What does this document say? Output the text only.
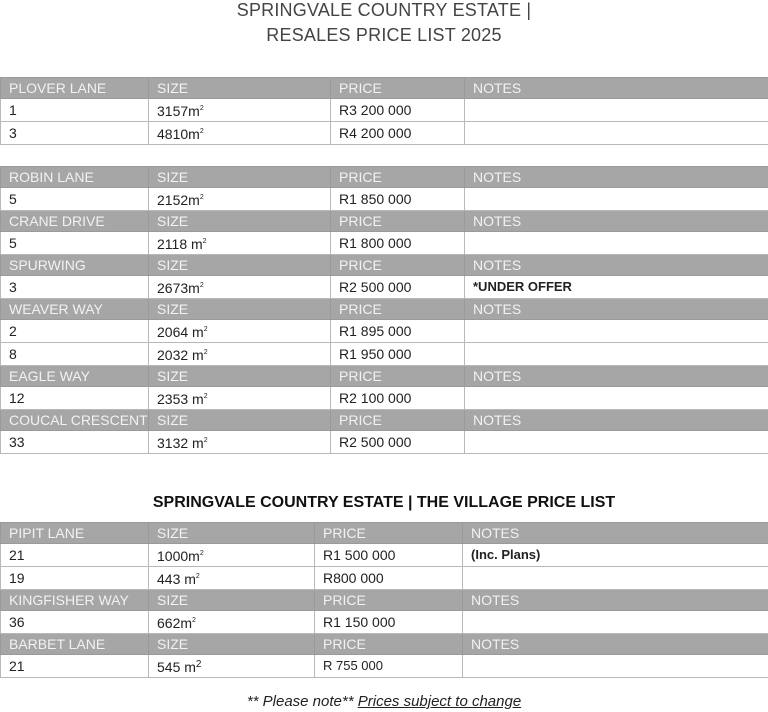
SPRINGVALE COUNTRY ESTATE |
RESALES PRICE LIST 2025
PLOVER LANE	SIZE	PRICE	NOTES
1	$3157m^2$	R3 200 000	
3	$4810m^2$	R4 200 000	
ROBIN LANE	SIZE	PRICE	NOTES
5	$2152m^2$	R1 850 000	
CRANE DRIVE	SIZE	PRICE	NOTES
5	2118 $m^2$	R1 800 000	
SPURWING	SIZE	PRICE	NOTES
3	$2673m^2$	R2 500 000	*UNDER OFFER
WEAVER WAY	SIZE	PRICE	NOTES
2	2064 $m^2$	R1 895 000	
8	2032 $m^2$	R1 950 000	
EAGLE WAY	SIZE	PRICE	NOTES
12	2353 $m^2$	R2 100 000	
COUCAL CRESCENT	SIZE	PRICE	NOTES
33	3132 $m^2$	R2 500 000	
SPRINGVALE COUNTRY ESTATE | THE VILLAGE PRICE LIST
PIPIT LANE	SIZE	PRICE	NOTES
21	$1000m^2$	R1 500 000	(Inc. Plans)
19	443 $m^2$	R800 000	
KINGFISHER WAY	SIZE	PRICE	NOTES
36	$662m^2$	R1 150 000	
BARBET LANE	SIZE	PRICE	NOTES
21	545 $m^2$	R 755 000	
** Please note** Prices subject to change
